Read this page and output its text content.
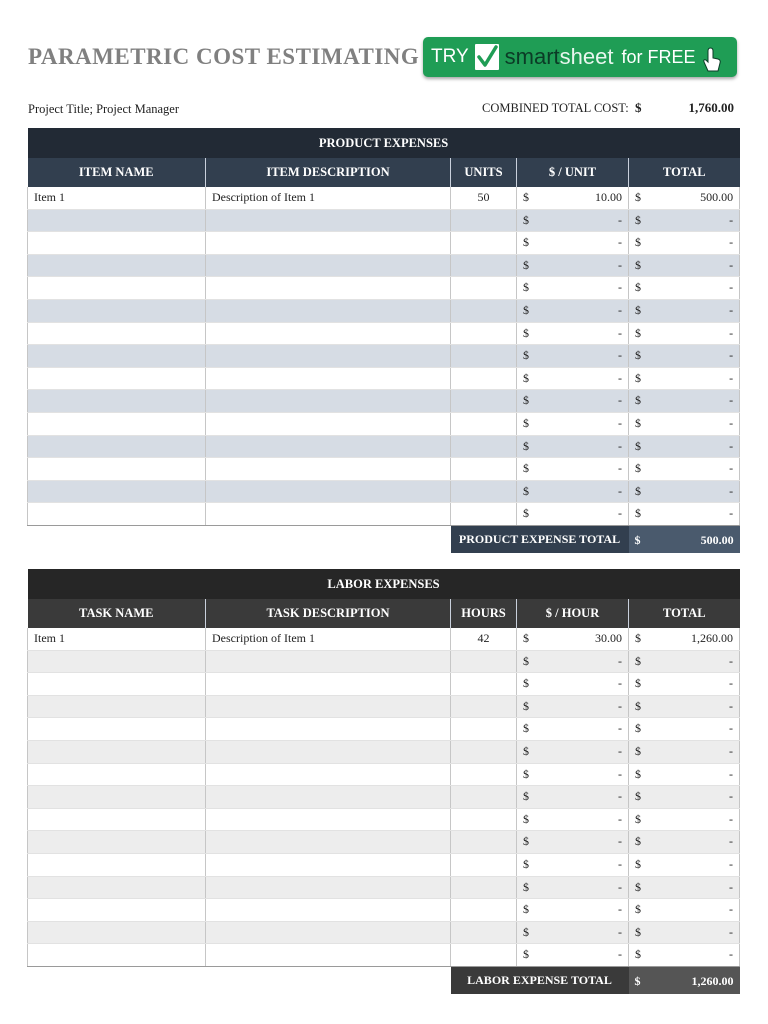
PARAMETRIC COST ESTIMATING TRY smartsheet for FREE
Project Title; Project Manager	COMBINED TOTAL COST: $	1,760.00
PRODUCT EXPENSES				
ITEM NAME	ITEM DESCRIPTION	UNITS	$ / UNIT	TOTAL
Item 1	Description of Item 1	50	$ 10.00	$ 500.00

			$ -	$ -

			$ -	$ -

			$ -	$ -

			$ -	$ -

			$ -	$ -

			$ -	$ -

			$ -	$ -

			$ -	$ -

			$ -	$ -

			$ -	$ -

			$ -	$ -

			$ -	$ -

			$ -	$ -

			$ -	$ -

		PRODUCT EXPENSE TOTAL		$ 500.00
LABOR EXPENSES				
TASK NAME	TASK DESCRIPTION	HOURS	$ / HOUR	TOTAL
Item 1	Description of Item 1	42	$ 30.00	$ 1,260.00

			$ -	$ -

			$ -	$ -

			$ -	$ -

			$ -	$ -

			$ -	$ -

			$ -	$ -

			$ -	$ -

			$ -	$ -

			$ -	$ -

			$ -	$ -

			$ -	$ -

			$ -	$ -

			$ -	$ -

			$ -	$ -

		LABOR EXPENSE TOTAL		$ 1,260.00
